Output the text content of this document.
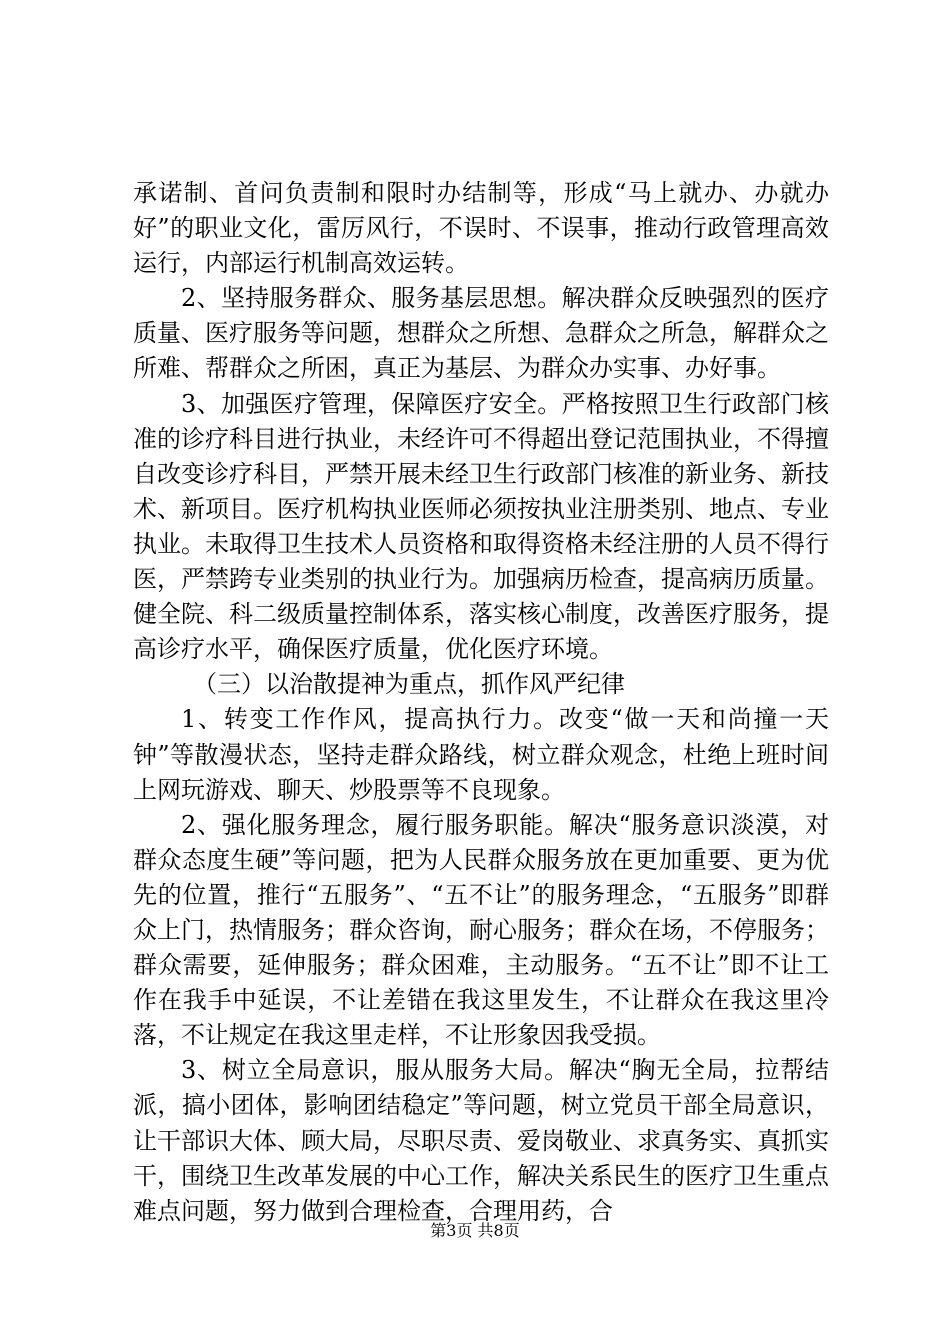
承诺制、首问负责制和限时办结制等，形成“马上就办、办就办好”的职业文化，雷厉风行，不误时、不误事，推动行政管理高效运行，内部运行机制高效运转。

2、坚持服务群众、服务基层思想。解决群众反映强烈的医疗质量、医疗服务等问题，想群众之所想、急群众之所急，解群众之所难、帮群众之所困，真正为基层、为群众办实事、办好事。

3、加强医疗管理，保障医疗安全。严格按照卫生行政部门核准的诊疗科目进行执业，未经许可不得超出登记范围执业，不得擅自改变诊疗科目，严禁开展未经卫生行政部门核准的新业务、新技术、新项目。医疗机构执业医师必须按执业注册类别、地点、专业执业。未取得卫生技术人员资格和取得资格未经注册的人员不得行医，严禁跨专业类别的执业行为。加强病历检查，提高病历质量。健全院、科二级质量控制体系，落实核心制度，改善医疗服务，提高诊疗水平，确保医疗质量，优化医疗环境。

（三）以治散提神为重点，抓作风严纪律

1、转变工作作风，提高执行力。改变“做一天和尚撞一天钟”等散漫状态，坚持走群众路线，树立群众观念，杜绝上班时间上网玩游戏、聊天、炒股票等不良现象。

2、强化服务理念，履行服务职能。解决“服务意识淡漠，对群众态度生硬”等问题，把为人民群众服务放在更加重要、更为优先的位置，推行“五服务”、“五不让”的服务理念，“五服务”即群众上门，热情服务；群众咨询，耐心服务；群众在场，不停服务；群众需要，延伸服务；群众困难，主动服务。“五不让”即不让工作在我手中延误，不让差错在我这里发生，不让群众在我这里冷落，不让规定在我这里走样，不让形象因我受损。

3、树立全局意识，服从服务大局。解决“胸无全局，拉帮结派，搞小团体，影响团结稳定”等问题，树立党员干部全局意识，让干部识大体、顾大局，尽职尽责、爱岗敬业、求真务实、真抓实干，围绕卫生改革发展的中心工作，解决关系民生的医疗卫生重点难点问题，努力做到合理检查，合理用药，合

第3页 共8页
